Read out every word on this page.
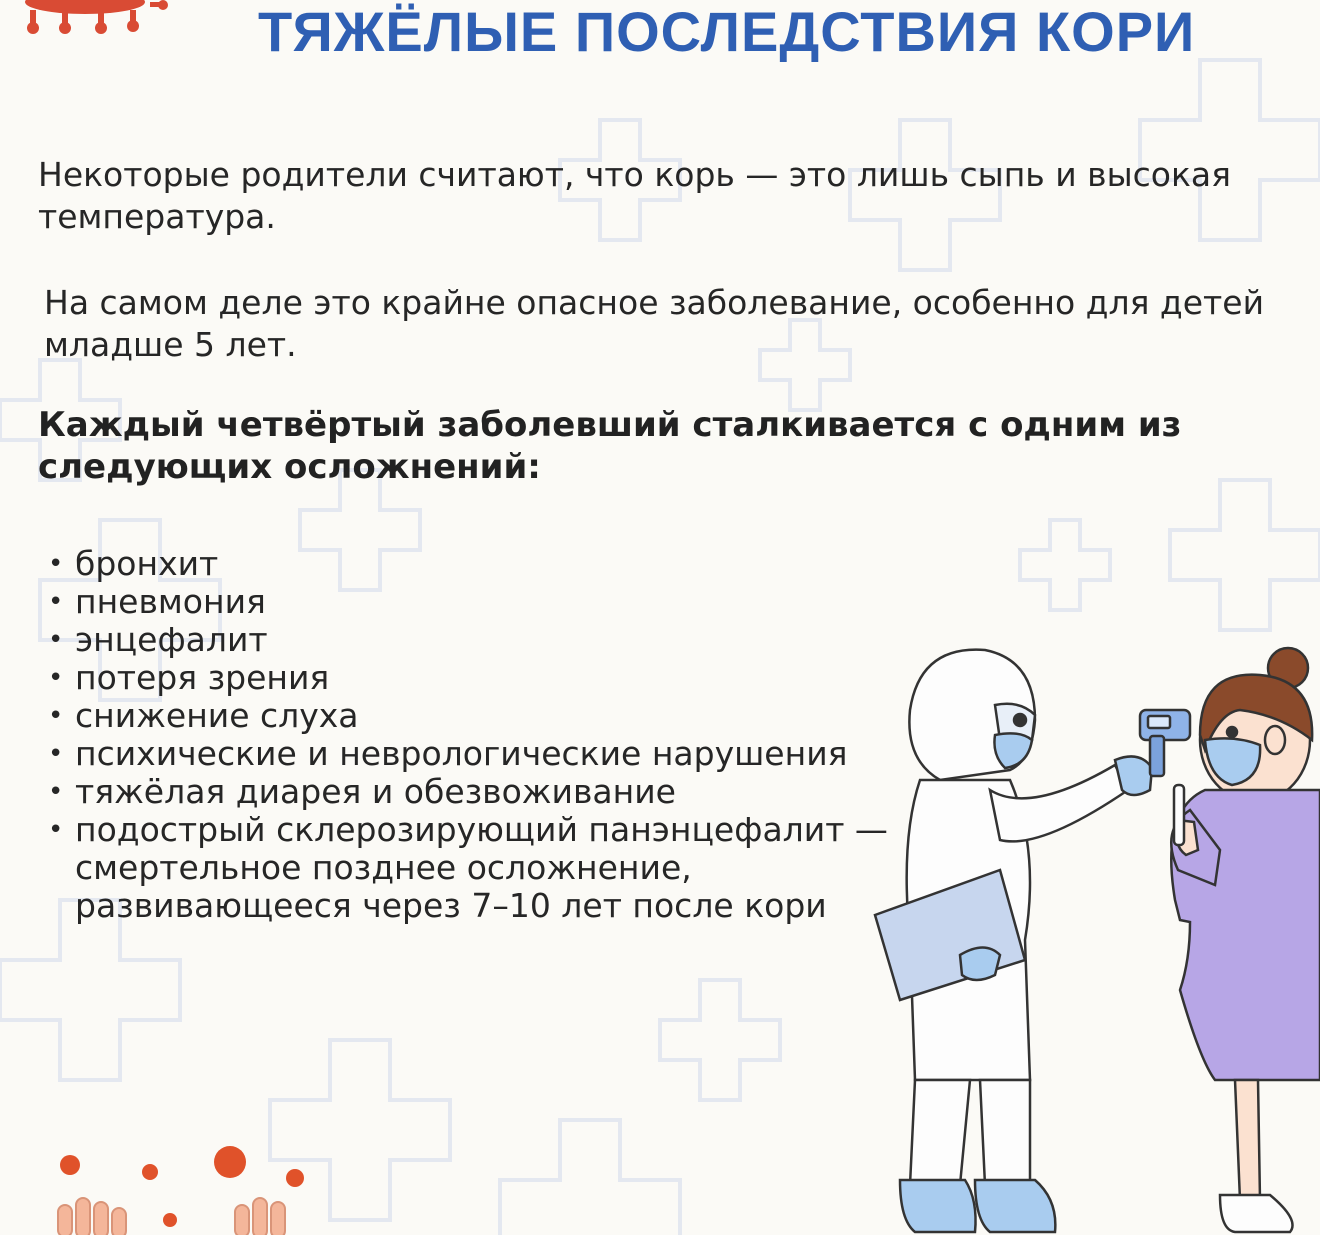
ТЯЖЁЛЫЕ ПОСЛЕДСТВИЯ КОРИ

Некоторые родители считают, что корь — это лишь сыпь и высокая температура.

На самом деле это крайне опасное заболевание, особенно для детей младше 5 лет.

Каждый четвёртый заболевший сталкивается с одним из следующих осложнений:

• бронхит
• пневмония
• энцефалит
• потеря зрения
• снижение слуха
• психические и неврологические нарушения
• тяжёлая диарея и обезвоживание
• подострый склерозирующий панэнцефалит — смертельное позднее осложнение, развивающееся через 7–10 лет после кори
